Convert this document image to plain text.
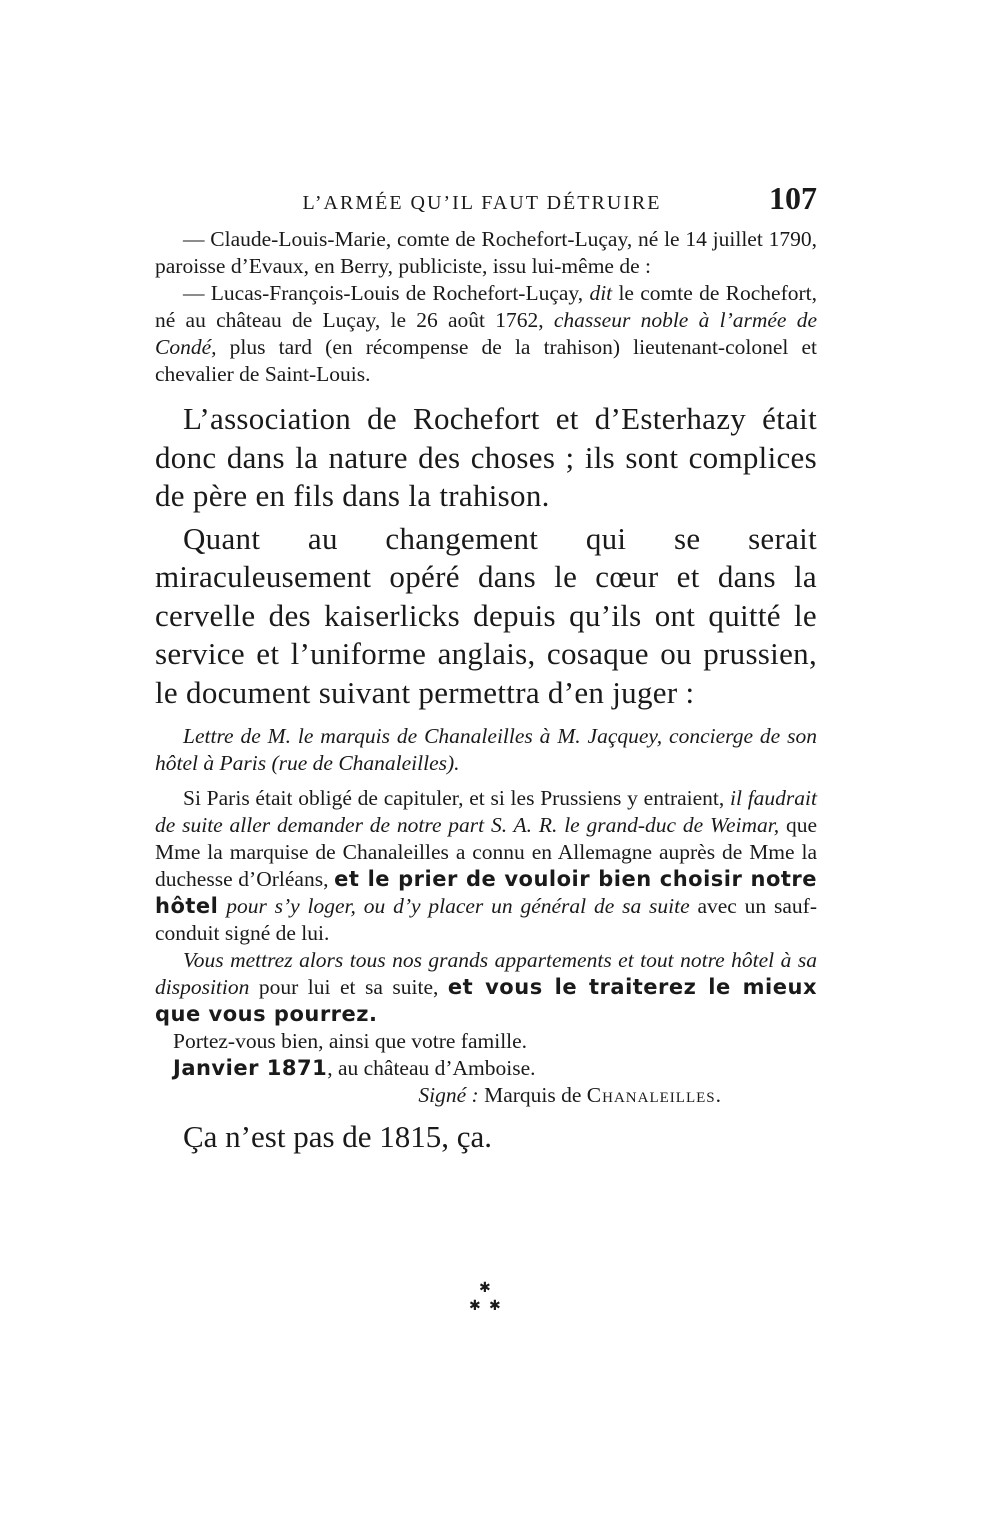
L’ARMÉE QU’IL FAUT DÉTRUIRE	107

— Claude-Louis-Marie, comte de Rochefort-Luçay, né le 14 juillet 1790, paroisse d’Evaux, en Berry, publiciste, issu lui-même de :

— Lucas-François-Louis de Rochefort-Luçay, dit le comte de Rochefort, né au château de Luçay, le 26 août 1762, chasseur noble à l’armée de Condé, plus tard (en récompense de la trahison) lieutenant-colonel et chevalier de Saint-Louis.

L’association de Rochefort et d’Esterhazy était donc dans la nature des choses ; ils sont complices de père en fils dans la trahison.

Quant au changement qui se serait miraculeusement opéré dans le cœur et dans la cervelle des kaiserlicks depuis qu’ils ont quitté le service et l’uniforme anglais, cosaque ou prussien, le document suivant permettra d’en juger :

Lettre de M. le marquis de Chanaleilles à M. Jaçquey, concierge de son hôtel à Paris (rue de Chanaleilles).

Si Paris était obligé de capituler, et si les Prussiens y entraient, il faudrait de suite aller demander de notre part S. A. R. le grand-duc de Weimar, que Mme la marquise de Chanaleilles a connu en Allemagne auprès de Mme la duchesse d’Orléans, et le prier de vouloir bien choisir notre hôtel pour s’y loger, ou d’y placer un général de sa suite avec un sauf-conduit signé de lui.

Vous mettrez alors tous nos grands appartements et tout notre hôtel à sa disposition pour lui et sa suite, et vous le traiterez le mieux que vous pourrez.

Portez-vous bien, ainsi que votre famille.

Janvier 1871, au château d’Amboise.

Signé : Marquis de Chanaleilles.

Ça n’est pas de 1815, ça.

✱
✱ ✱
